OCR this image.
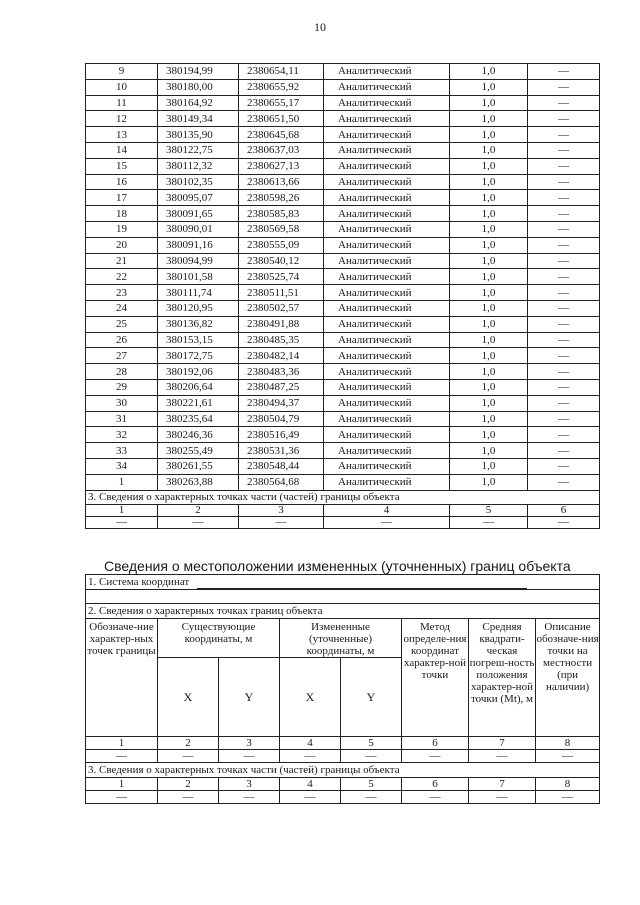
10
9	380194,99	2380654,11	Аналитический	1,0	—
10	380180,00	2380655,92	Аналитический	1,0	—
11	380164,92	2380655,17	Аналитический	1,0	—
12	380149,34	2380651,50	Аналитический	1,0	—
13	380135,90	2380645,68	Аналитический	1,0	—
14	380122,75	2380637,03	Аналитический	1,0	—
15	380112,32	2380627,13	Аналитический	1,0	—
16	380102,35	2380613,66	Аналитический	1,0	—
17	380095,07	2380598,26	Аналитический	1,0	—
18	380091,65	2380585,83	Аналитический	1,0	—
19	380090,01	2380569,58	Аналитический	1,0	—
20	380091,16	2380555,09	Аналитический	1,0	—
21	380094,99	2380540,12	Аналитический	1,0	—
22	380101,58	2380525,74	Аналитический	1,0	—
23	380111,74	2380511,51	Аналитический	1,0	—
24	380120,95	2380502,57	Аналитический	1,0	—
25	380136,82	2380491,88	Аналитический	1,0	—
26	380153,15	2380485,35	Аналитический	1,0	—
27	380172,75	2380482,14	Аналитический	1,0	—
28	380192,06	2380483,36	Аналитический	1,0	—
29	380206,64	2380487,25	Аналитический	1,0	—
30	380221,61	2380494,37	Аналитический	1,0	—
31	380235,64	2380504,79	Аналитический	1,0	—
32	380246,36	2380516,49	Аналитический	1,0	—
33	380255,49	2380531,36	Аналитический	1,0	—
34	380261,55	2380548,44	Аналитический	1,0	—
1	380263,88	2380564,68	Аналитический	1,0	—
3. Сведения о характерных точках части (частей) границы объекта					
1	2	3	4	5	6
—	—	—	—	—	—
Сведения о местоположении измененных (уточненных) границ объекта
1. Система координат							

2. Сведения о характерных точках границ объекта							
Обозначе-ние характер-ных точек границы	Существующие координаты, м		Измененные (уточненные) координаты, м		Метод определе-ния координат характер-ной точки	Средняя квадрати-ческая погреш-ность положения характер-ной точки (Mt), м	Описание обозначе-ния точки на местности (при наличии)
	X	Y	X	Y			
1	2	3	4	5	6	7	8
—	—	—	—	—	—	—	—
3. Сведения о характерных точках части (частей) границы объекта							
1	2	3	4	5	6	7	8
—	—	—	—	—	—	—	—
